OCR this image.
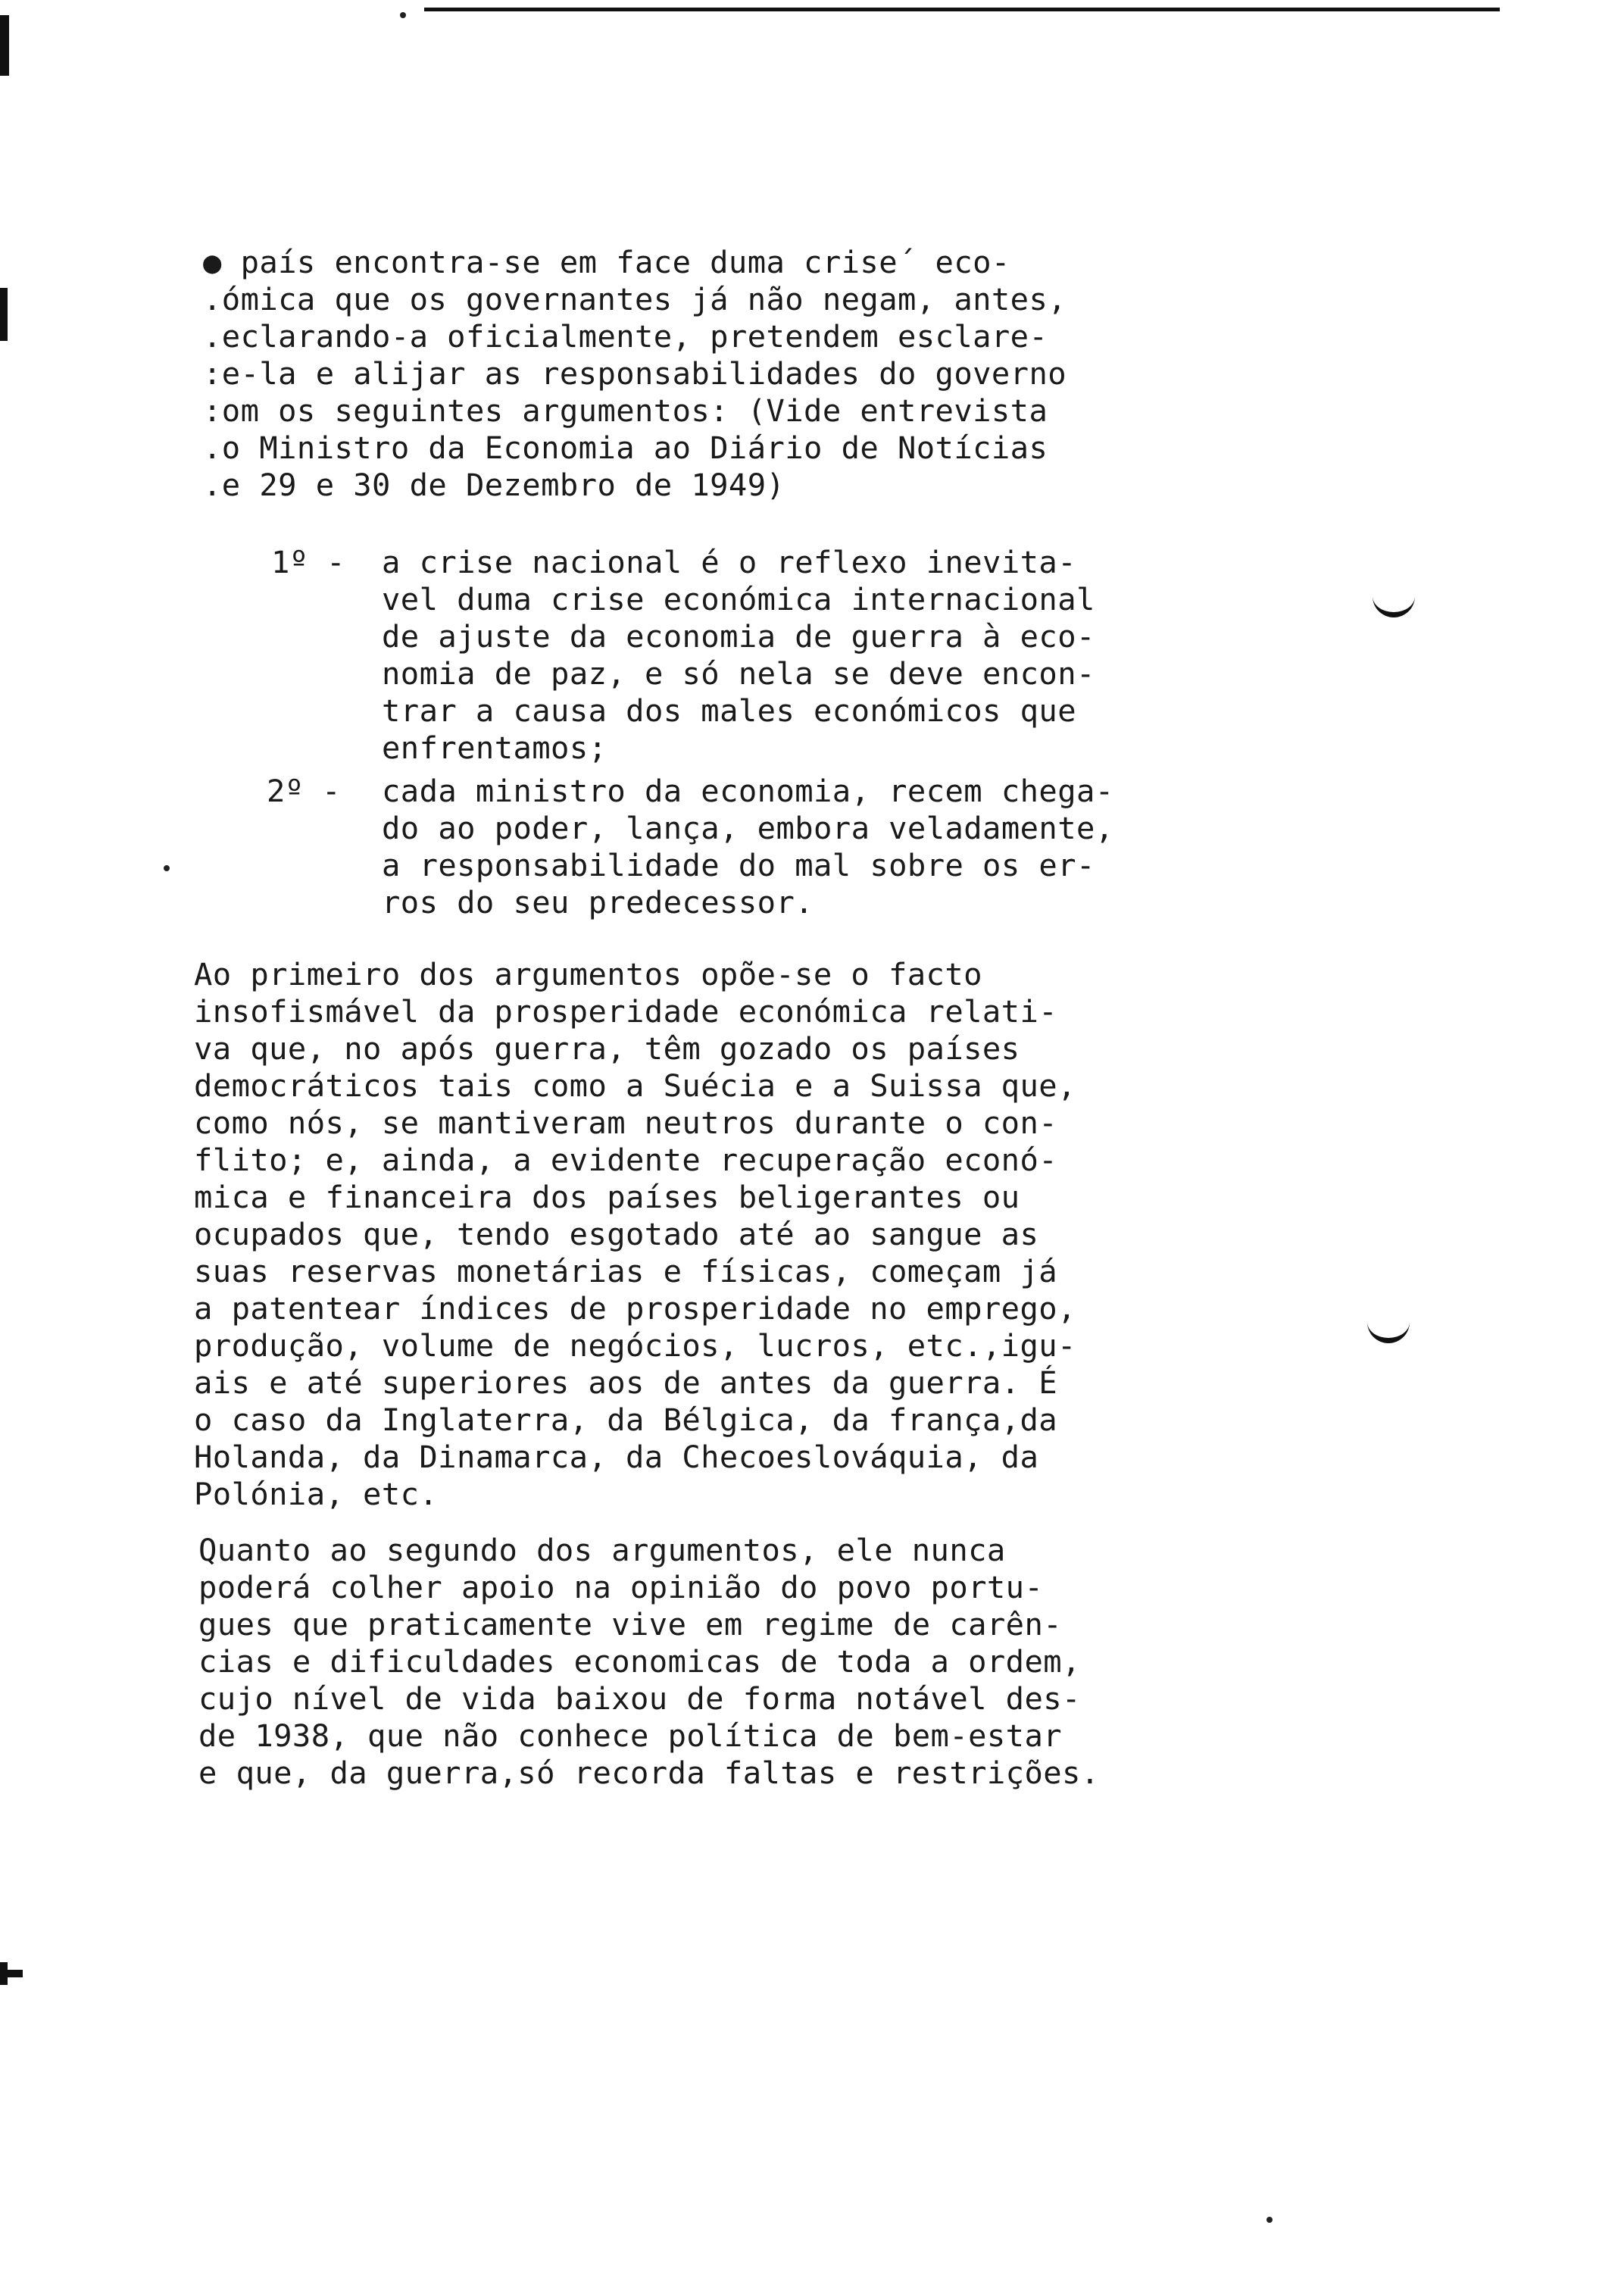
● país encontra-se em face duma crise´ eco-
.ómica que os governantes já não negam, antes,
.eclarando-a oficialmente, pretendem esclare-
:e-la e alijar as responsabilidades do governo
:om os seguintes argumentos: (Vide entrevista
.o Ministro da Economia ao Diário de Notícias
.e 29 e 30 de Dezembro de 1949)

1º - a crise nacional é o reflexo inevita-
vel duma crise económica internacional
de ajuste da economia de guerra à eco-
nomia de paz, e só nela se deve encon-
trar a causa dos males económicos que
enfrentamos;

2º - cada ministro da economia, recem chega-
do ao poder, lança, embora veladamente,
a responsabilidade do mal sobre os er-
ros do seu predecessor.

Ao primeiro dos argumentos opõe-se o facto
insofismável da prosperidade económica relati-
va que, no após guerra, têm gozado os países
democráticos tais como a Suécia e a Suissa que,
como nós, se mantiveram neutros durante o con-
flito; e, ainda, a evidente recuperação econó-
mica e financeira dos países beligerantes ou
ocupados que, tendo esgotado até ao sangue as
suas reservas monetárias e físicas, começam já
a patentear índices de prosperidade no emprego,
produção, volume de negócios, lucros, etc.,igu-
ais e até superiores aos de antes da guerra. É
o caso da Inglaterra, da Bélgica, da frança,da
Holanda, da Dinamarca, da Checoeslováquia, da
Polónia, etc.

Quanto ao segundo dos argumentos, ele nunca
poderá colher apoio na opinião do povo portu-
gues que praticamente vive em regime de carên-
cias e dificuldades economicas de toda a ordem,
cujo nível de vida baixou de forma notável des-
de 1938, que não conhece política de bem-estar
e que, da guerra,só recorda faltas e restrições.
